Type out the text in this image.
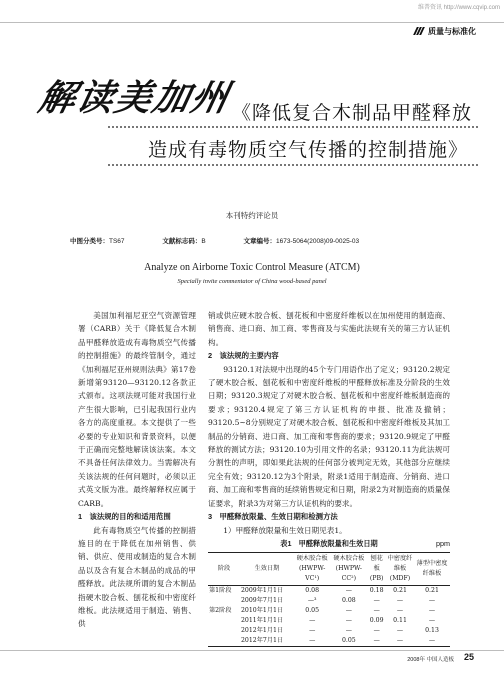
维普资讯 http://www.cqvip.com
质量与标准化
解读美加州
《降低复合木制品甲醛释放
造成有毒物质空气传播的控制措施》
本刊特约评论员
中图分类号：TS67	文献标志码：B	文章编号：1673-5064(2008)09-0025-03
Analyze on Airborne Toxic Control Measure (ATCM)
Specially invite commentator of China wood-based panel

美国加利福尼亚空气资源管理署（CARB）关于《降低复合木制品甲醛释放造成有毒物质空气传播的控制措施》的最终管制令，通过《加利福尼亚州规则法典》第17卷新增第93120—93120.12各款正式颁布。这项法规可能对我国行业产生很大影响，已引起我国行业内各方的高度重视。本文提供了一些必要的专业知识和背景资料，以便于正确而完整地解读该法案。本文不具备任何法律效力。当需解决有关该法规的任何问题时，必须以正式英文版为准。最终解释权应属于CARB。

1　该法规的目的和适用范围

此有毒物质空气传播的控制措施目的在于降低在加州销售、供销、供应、使用或制造的复合木制品以及含有复合木制品的成品的甲醛释放。此法规所谓的复合木制品指硬木胶合板、刨花板和中密度纤维板。此法规适用于制造、销售、供

销或供应硬木胶合板、刨花板和中密度纤维板以在加州使用的制造商、销售商、进口商、加工商、零售商及与实施此法规有关的第三方认证机构。

2　该法规的主要内容

93120.1对法规中出现的45个专门用语作出了定义；93120.2规定了硬木胶合板、刨花板和中密度纤维板的甲醛释放标准及分阶段的生效日期；93120.3规定了对硬木胶合板、刨花板和中密度纤维板制造商的要求；93120.4规定了第三方认证机构的申报、批准及撤销；93120.5~8分别规定了对硬木胶合板、刨花板和中密度纤维板及其加工制品的分销商、进口商、加工商和零售商的要求；93120.9规定了甲醛释放的测试方法；93120.10为引用文件的名录；93120.11为此法规可分割性的声明，即如果此法规的任何部分被判定无效，其他部分应继续完全有效；93120.12为3个附录，附录1适用于制造商、分销商、进口商、加工商和零售商的延续销售规定和日期，附录2为对制造商的质量保证要求，附录3为对第三方认证机构的要求。

3　甲醛释放限量、生效日期和检测方法

1）甲醛释放限量和生效日期见表1。

表1　甲醛释放限量和生效日期	ppm
阶段	生效日期	硬木胶合板
(HWPW-VC¹)	硬木胶合板
(HWPW-CC²)	刨花板
(PB)	中密度纤维板
(MDF)	薄型中密度纤维板
第1阶段	2009年1月1日	0.08	—	0.18	0.21	0.21
	2009年7月1日	—³	0.08	—	—	—
第2阶段	2010年1月1日	0.05	—	—	—	—
	2011年1月1日	—	—	0.09	0.11	—
	2012年1月1日	—	—	—	—	0.13
	2012年7月1日	—	0.05	—	—	—
2008年 中国人造板 25
